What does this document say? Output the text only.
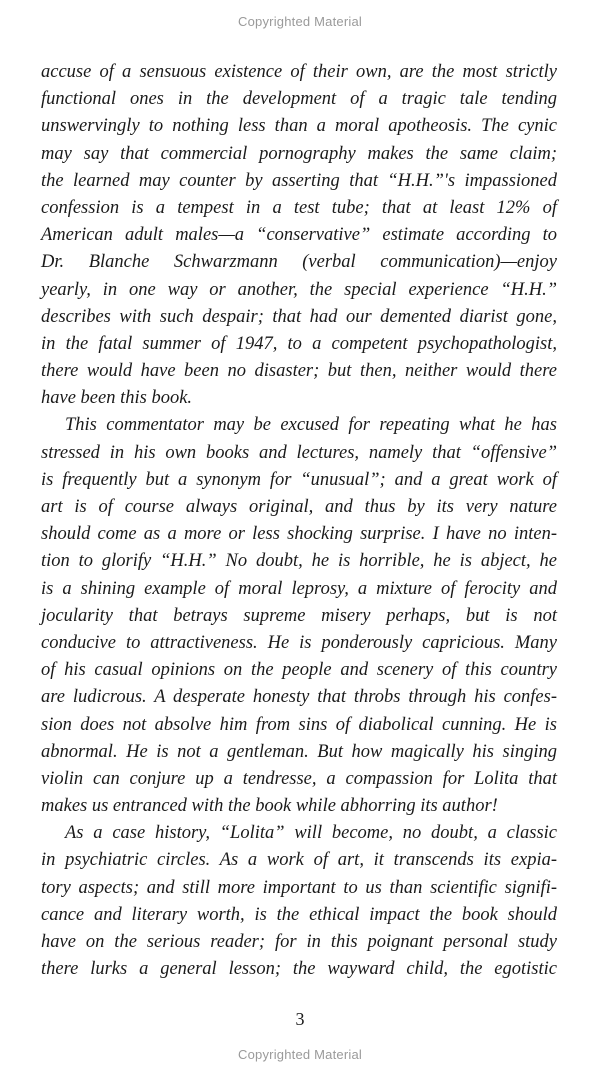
Copyrighted Material
accuse of a sensuous existence of their own, are the most strictly
functional ones in the development of a tragic tale tending
unswervingly to nothing less than a moral apotheosis. The cynic
may say that commercial pornography makes the same claim;
the learned may counter by asserting that “H.H.”'s impassioned
confession is a tempest in a test tube; that at least 12% of
American adult males—a “conservative” estimate according to
Dr. Blanche Schwarzmann (verbal communication)—enjoy
yearly, in one way or another, the special experience “H.H.”
describes with such despair; that had our demented diarist gone,
in the fatal summer of 1947, to a competent psychopathologist,
there would have been no disaster; but then, neither would there
have been this book.
This commentator may be excused for repeating what he has
stressed in his own books and lectures, namely that “offensive”
is frequently but a synonym for “unusual”; and a great work of
art is of course always original, and thus by its very nature
should come as a more or less shocking surprise. I have no inten-
tion to glorify “H.H.” No doubt, he is horrible, he is abject, he
is a shining example of moral leprosy, a mixture of ferocity and
jocularity that betrays supreme misery perhaps, but is not
conducive to attractiveness. He is ponderously capricious. Many
of his casual opinions on the people and scenery of this country
are ludicrous. A desperate honesty that throbs through his confes-
sion does not absolve him from sins of diabolical cunning. He is
abnormal. He is not a gentleman. But how magically his singing
violin can conjure up a tendresse, a compassion for Lolita that
makes us entranced with the book while abhorring its author!
As a case history, “Lolita” will become, no doubt, a classic
in psychiatric circles. As a work of art, it transcends its expia-
tory aspects; and still more important to us than scientific signifi-
cance and literary worth, is the ethical impact the book should
have on the serious reader; for in this poignant personal study
there lurks a general lesson; the wayward child, the egotistic
3
Copyrighted Material
